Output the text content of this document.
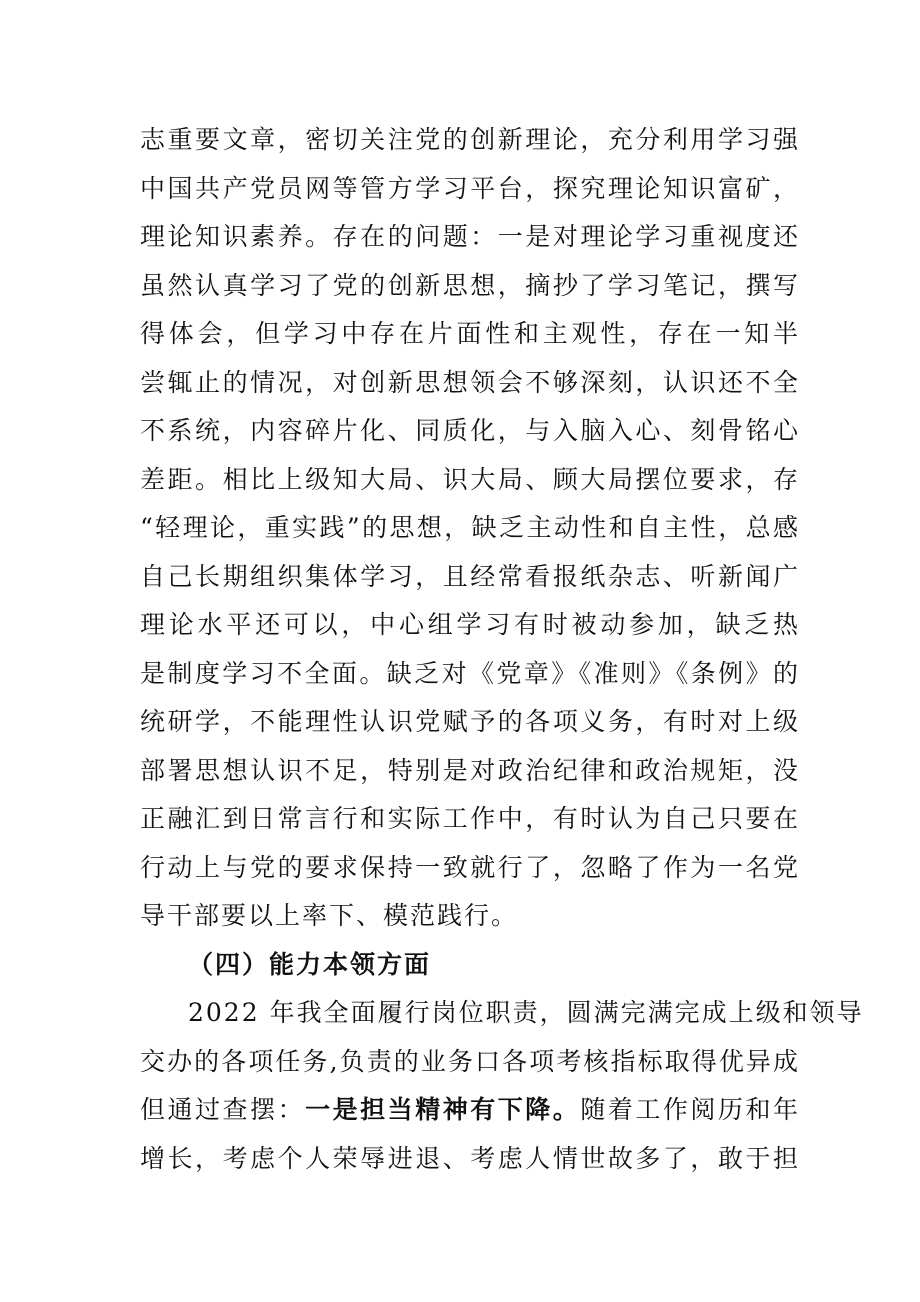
志重要文章，密切关注党的创新理论，充分利用学习强
中国共产党员网等管方学习平台，探究理论知识富矿，
理论知识素养。存在的问题：一是对理论学习重视度还
虽然认真学习了党的创新思想，摘抄了学习笔记，撰写
得体会，但学习中存在片面性和主观性，存在一知半
尝辄止的情况，对创新思想领会不够深刻，认识还不全
不系统，内容碎片化、同质化，与入脑入心、刻骨铭心
差距。相比上级知大局、识大局、顾大局摆位要求，存
“轻理论，重实践”的思想，缺乏主动性和自主性，总感
自己长期组织集体学习，且经常看报纸杂志、听新闻广
理论水平还可以，中心组学习有时被动参加，缺乏热
是制度学习不全面。缺乏对《党章》《准则》《条例》的
统研学，不能理性认识党赋予的各项义务，有时对上级
部署思想认识不足，特别是对政治纪律和政治规矩，没
正融汇到日常言行和实际工作中，有时认为自己只要在
行动上与党的要求保持一致就行了，忽略了作为一名党
导干部要以上率下、模范践行。
（四）能力本领方面
2022 年我全面履行岗位职责，圆满完满完成上级和领导
交办的各项任务,负责的业务口各项考核指标取得优异成
但通过查摆：一是担当精神有下降。随着工作阅历和年
增长，考虑个人荣辱进退、考虑人情世故多了，敢于担
